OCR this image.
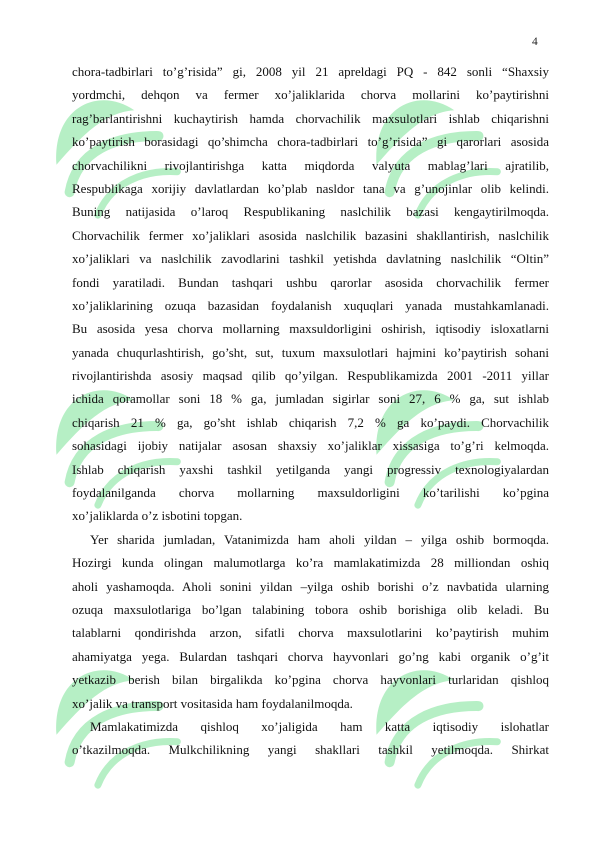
4
chora-tadbirlari to’g’risida” gi, 2008 yil 21 apreldagi PQ - 842 sonli “Shaxsiy
yordmchi, dehqon va fermer xo’jaliklarida chorva mollarini ko’paytirishni
rag’barlantirishni kuchaytirish hamda chorvachilik maxsulotlari ishlab chiqarishni
ko’paytirish borasidagi qo’shimcha chora-tadbirlari to’g’risida” gi qarorlari asosida
chorvachilikni rivojlantirishga katta miqdorda valyuta mablag’lari ajratilib,
Respublikaga xorijiy davlatlardan ko’plab nasldor tana va g’unojinlar olib kelindi.
Buning natijasida o’laroq Respublikaning naslchilik bazasi kengaytirilmoqda.
Chorvachilik fermer xo’jaliklari asosida naslchilik bazasini shakllantirish, naslchilik
xo’jaliklari va naslchilik zavodlarini tashkil yetishda davlatning naslchilik “Oltin”
fondi yaratiladi. Bundan tashqari ushbu qarorlar asosida chorvachilik fermer
xo’jaliklarining ozuqa bazasidan foydalanish xuquqlari yanada mustahkamlanadi.
Bu asosida yesa chorva mollarning maxsuldorligini oshirish, iqtisodiy isloxatlarni
yanada chuqurlashtirish, go’sht, sut, tuxum maxsulotlari hajmini ko’paytirish sohani
rivojlantirishda asosiy maqsad qilib qo’yilgan. Respublikamizda 2001 -2011 yillar
ichida qoramollar soni 18 % ga, jumladan sigirlar soni 27, 6 % ga, sut ishlab
chiqarish 21 % ga, go’sht ishlab chiqarish 7,2 % ga ko’paydi. Chorvachilik
sohasidagi ijobiy natijalar asosan shaxsiy xo’jaliklar xissasiga to’g’ri kelmoqda.
Ishlab chiqarish yaxshi tashkil yetilganda yangi progressiv texnologiyalardan
foydalanilganda chorva mollarning maxsuldorligini ko’tarilishi ko’pgina
xo’jaliklarda o’z isbotini topgan.
Yer sharida jumladan, Vatanimizda ham aholi yildan – yilga oshib bormoqda.
Hozirgi kunda olingan malumotlarga ko’ra mamlakatimizda 28 milliondan oshiq
aholi yashamoqda. Aholi sonini yildan –yilga oshib borishi o’z navbatida ularning
ozuqa maxsulotlariga bo’lgan talabining tobora oshib borishiga olib keladi. Bu
talablarni qondirishda arzon, sifatli chorva maxsulotlarini ko’paytirish muhim
ahamiyatga yega. Bulardan tashqari chorva hayvonlari go’ng kabi organik o’g’it
yetkazib berish bilan birgalikda ko’pgina chorva hayvonlari turlaridan qishloq
xo’jalik va transport vositasida ham foydalanilmoqda.
Mamlakatimizda qishloq xo’jaligida ham katta iqtisodiy islohatlar
o’tkazilmoqda. Mulkchilikning yangi shakllari tashkil yetilmoqda. Shirkat
